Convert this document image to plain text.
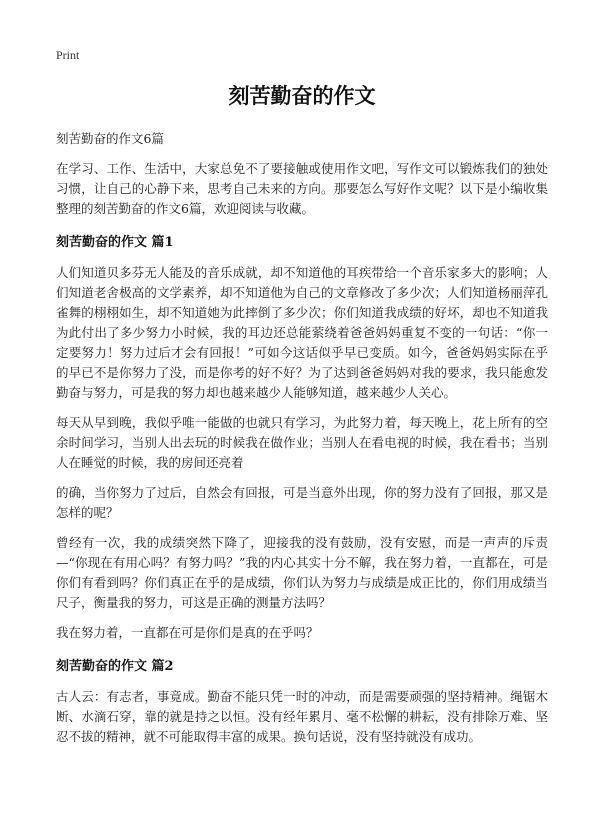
Print
刻苦勤奋的作文
刻苦勤奋的作文6篇

在学习、工作、生活中，大家总免不了要接触或使用作文吧，写作文可以锻炼我们的独处习惯，让自己的心静下来，思考自己未来的方向。那要怎么写好作文呢？以下是小编收集整理的刻苦勤奋的作文6篇，欢迎阅读与收藏。

刻苦勤奋的作文 篇1

人们知道贝多芬无人能及的音乐成就，却不知道他的耳疾带给一个音乐家多大的影响；人们知道老舍极高的文学素养，却不知道他为自己的文章修改了多少次；人们知道杨丽萍孔雀舞的栩栩如生，却不知道她为此摔倒了多少次；你们知道我成绩的好坏，却也不知道我为此付出了多少努力小时候，我的耳边还总能萦绕着爸爸妈妈重复不变的一句话：“你一定要努力！努力过后才会有回报！”可如今这话似乎早已变质。如今，爸爸妈妈实际在乎的早已不是你努力了没，而是你考的好不好？为了达到爸爸妈妈对我的要求，我只能愈发勤奋与努力，可是我的努力却也越来越少人能够知道，越来越少人关心。

每天从早到晚，我似乎唯一能做的也就只有学习，为此努力着，每天晚上，花上所有的空余时间学习，当别人出去玩的时候我在做作业；当别人在看电视的时候，我在看书；当别人在睡觉的时候，我的房间还亮着

的确，当你努力了过后，自然会有回报，可是当意外出现，你的努力没有了回报，那又是怎样的呢？

曾经有一次，我的成绩突然下降了，迎接我的没有鼓励，没有安慰，而是一声声的斥责—“你现在有用心吗？有努力吗？”我的内心其实十分不解，我在努力着，一直都在，可是你们有看到吗？你们真正在乎的是成绩，你们认为努力与成绩是成正比的，你们用成绩当尺子，衡量我的努力，可这是正确的测量方法吗？

我在努力着，一直都在可是你们是真的在乎吗？

刻苦勤奋的作文 篇2

古人云：有志者，事竟成。勤奋不能只凭一时的冲动，而是需要顽强的坚持精神。绳锯木断、水滴石穿，靠的就是持之以恒。没有经年累月、毫不松懈的耕耘，没有排除万难、坚忍不拔的精神，就不可能取得丰富的成果。换句话说，没有坚持就没有成功。
